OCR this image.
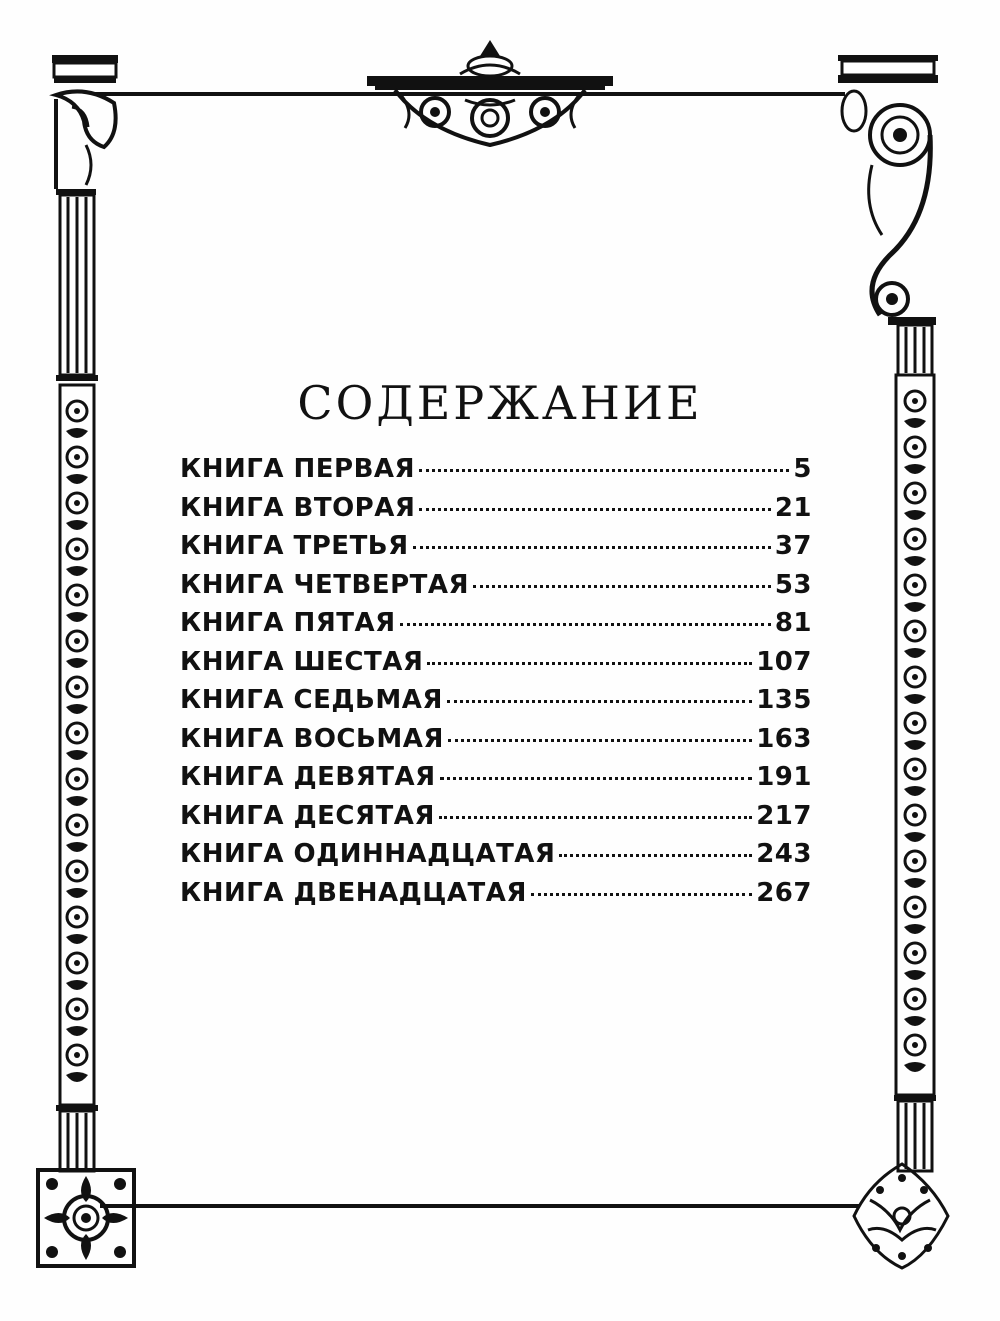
СОДЕРЖАНИЕ
КНИГА ПЕРВАЯ	5
КНИГА ВТОРАЯ	21
КНИГА ТРЕТЬЯ	37
КНИГА ЧЕТВЕРТАЯ	53
КНИГА ПЯТАЯ	81
КНИГА ШЕСТАЯ	107
КНИГА СЕДЬМАЯ	135
КНИГА ВОСЬМАЯ	163
КНИГА ДЕВЯТАЯ	191
КНИГА ДЕСЯТАЯ	217
КНИГА ОДИННАДЦАТАЯ	243
КНИГА ДВЕНАДЦАТАЯ	267
